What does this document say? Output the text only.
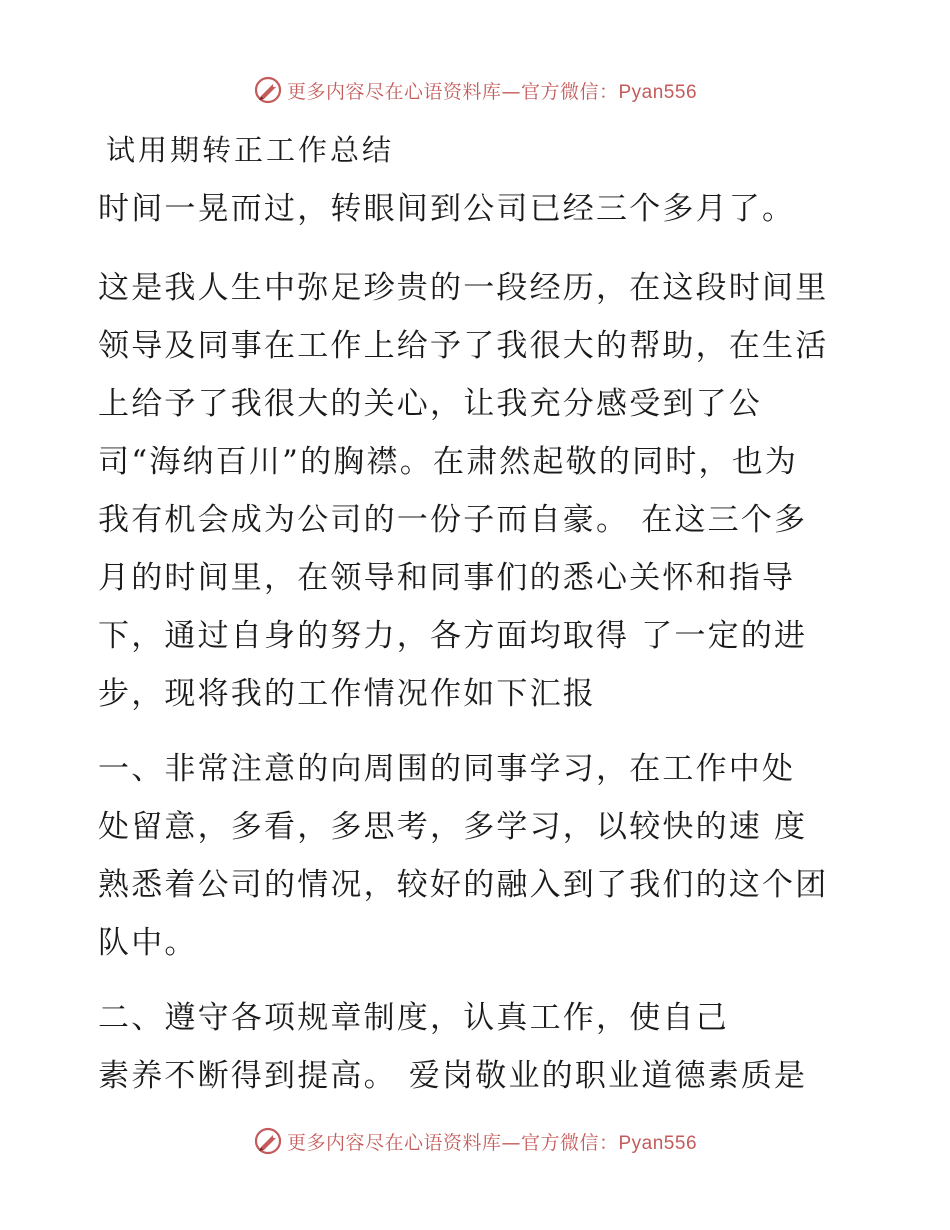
更多内容尽在心语资料库—官方微信：Pyan556
试用期转正工作总结
时间一晃而过，转眼间到公司已经三个多月了。
这是我人生中弥足珍贵的一段经历，在这段时间里
领导及同事在工作上给予了我很大的帮助，在生活
上给予了我很大的关心，让我充分感受到了公
司“海纳百川”的胸襟。在肃然起敬的同时，也为
我有机会成为公司的一份子而自豪。 在这三个多
月的时间里，在领导和同事们的悉心关怀和指导
下，通过自身的努力，各方面均取得 了一定的进
步，现将我的工作情况作如下汇报
一、非常注意的向周围的同事学习，在工作中处
处留意，多看，多思考，多学习，以较快的速 度
熟悉着公司的情况，较好的融入到了我们的这个团
队中。
二、遵守各项规章制度，认真工作，使自己
素养不断得到提高。 爱岗敬业的职业道德素质是
更多内容尽在心语资料库—官方微信：Pyan556
